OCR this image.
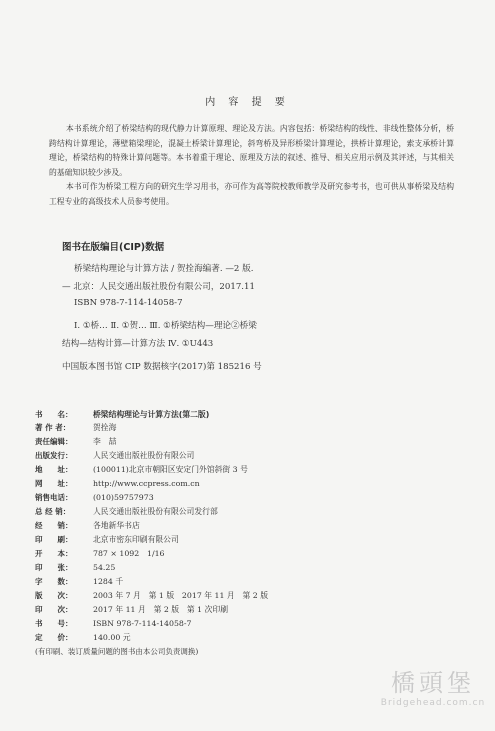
内 容 提 要

本书系统介绍了桥梁结构的现代静力计算原理、理论及方法。内容包括：桥梁结构的线性、非线性整体分析，桥跨结构计算理论，薄壁箱梁理论，混凝土桥梁计算理论，斜弯桥及异形桥梁计算理论，拱桥计算理论，索支承桥计算理论，桥梁结构的特殊计算问题等。本书着重于理论、原理及方法的叙述、推导、相关应用示例及其评述，与其相关的基础知识较少涉及。

本书可作为桥梁工程方向的研究生学习用书，亦可作为高等院校教师教学及研究参考书，也可供从事桥梁及结构工程专业的高级技术人员参考使用。

图书在版编目(CIP)数据
桥梁结构理论与计算方法 / 贺拴海编著. —2 版.
— 北京：人民交通出版社股份有限公司，2017.11
ISBN 978-7-114-14058-7
Ⅰ. ①桥… Ⅱ. ①贺… Ⅲ. ①桥梁结构—理论②桥梁
结构—结构计算—计算方法 Ⅳ. ①U443
中国版本图书馆 CIP 数据核字(2017)第 185216 号
书　　名：	桥梁结构理论与计算方法(第二版)
著 作 者：	贺拴海
责任编辑：	李　喆
出版发行：	人民交通出版社股份有限公司
地　　址：	(100011)北京市朝阳区安定门外馆斜街 3 号
网　　址：	http://www.ccpress.com.cn
销售电话：	(010)59757973
总 经 销：	人民交通出版社股份有限公司发行部
经　　销：	各地新华书店
印　　刷：	北京市密东印刷有限公司
开　　本：	787 × 1092　1/16
印　　张：	54.25
字　　数：	1284 千
版　　次：	2003 年 7 月　第 1 版　2017 年 11 月　第 2 版
印　　次：	2017 年 11 月　第 2 版　第 1 次印刷
书　　号：	ISBN 978-7-114-14058-7
定　　价：	140.00 元
(有印刷、装订质量问题的图书由本公司负责调换)
橋頭堡
Bridgehead.com.cn
